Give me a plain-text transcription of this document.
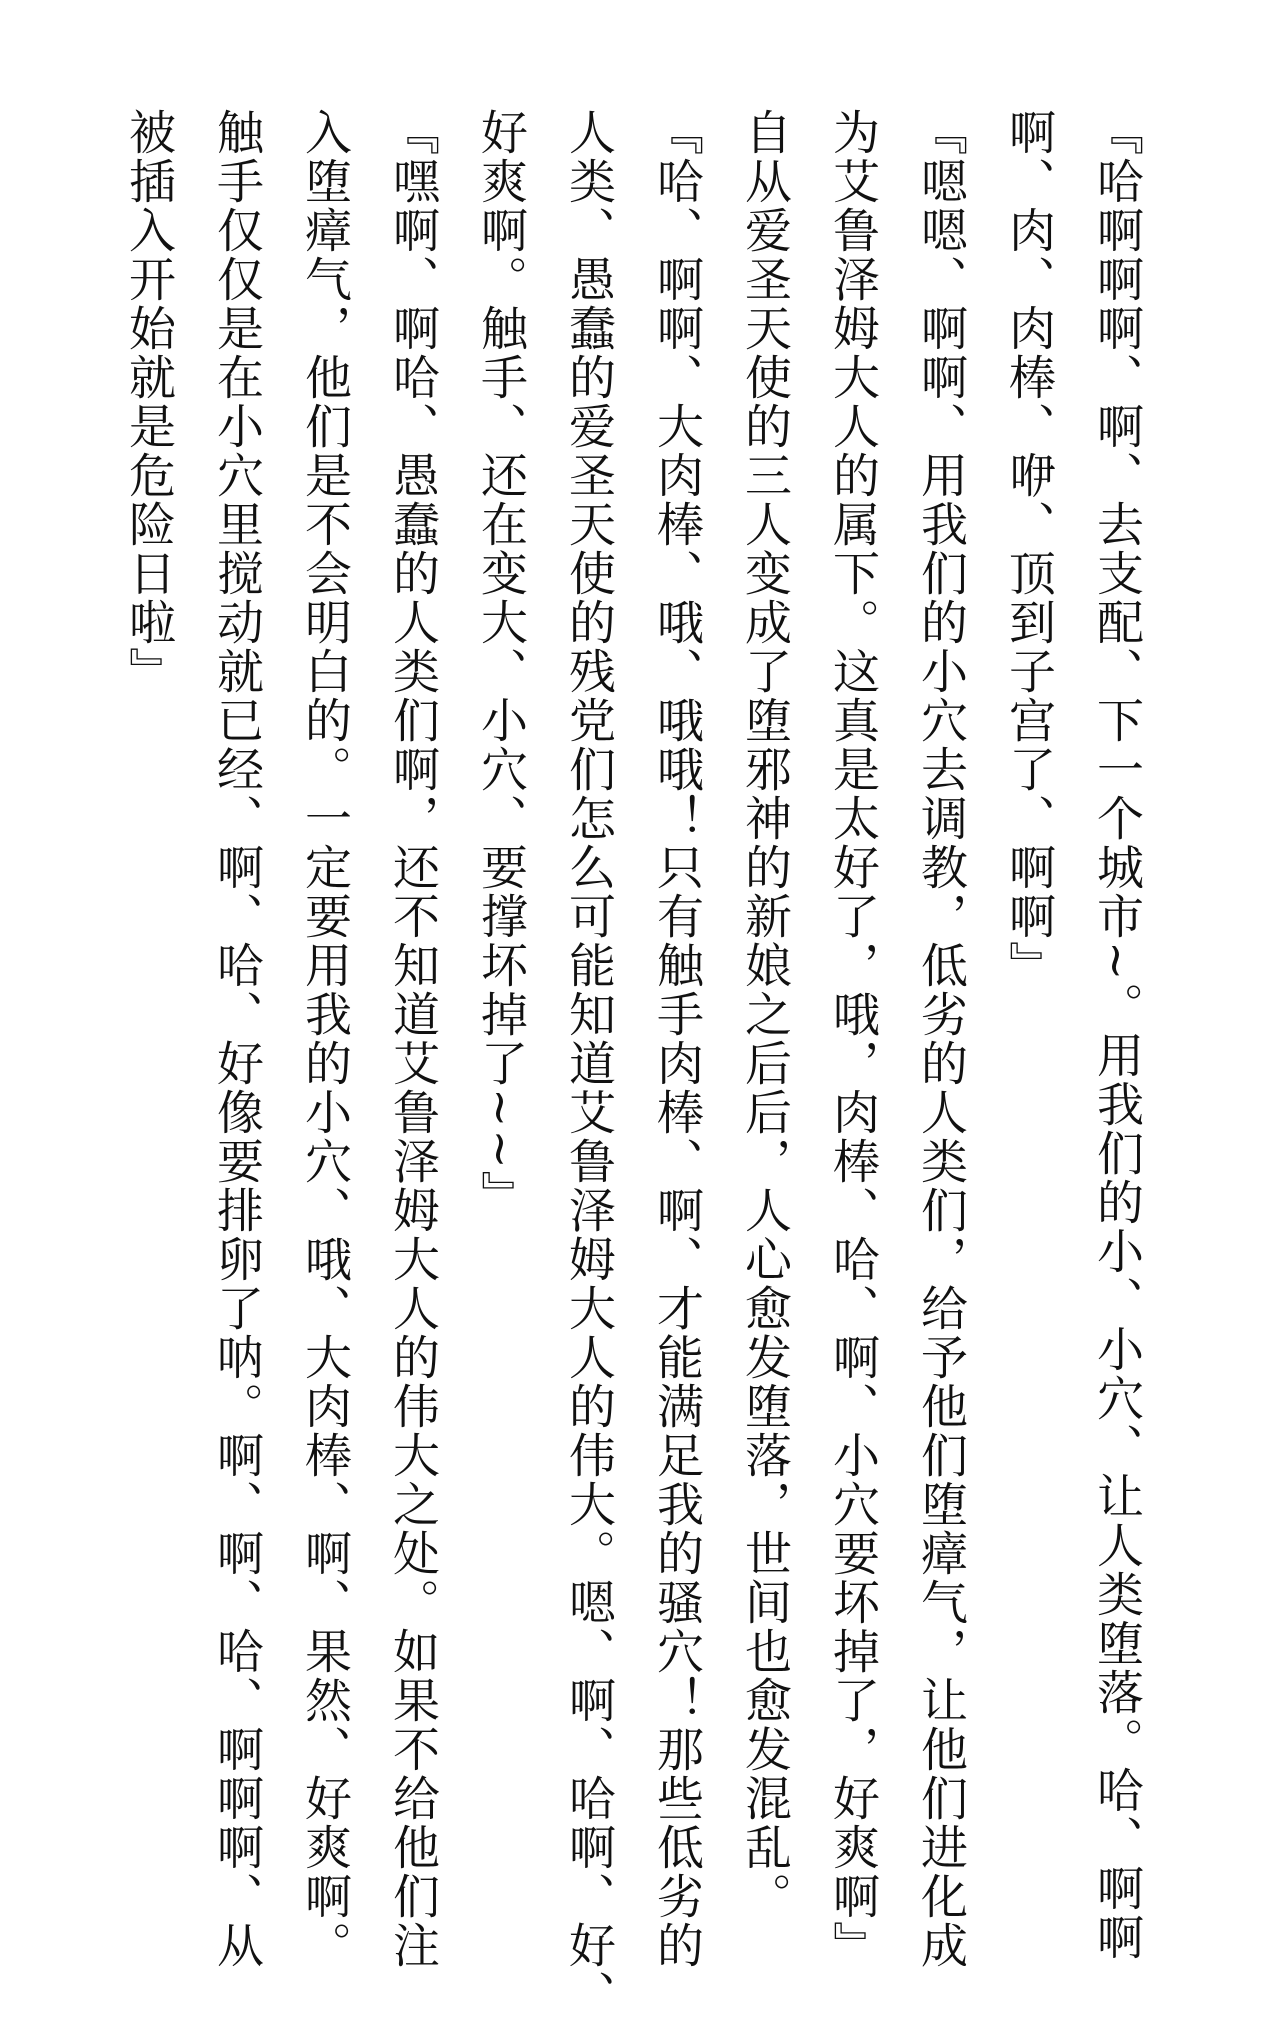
『哈啊啊啊、啊、去支配、下一个城市~。用我们的小、小穴、让人类堕落。哈、啊啊

啊、肉、肉棒、咿、顶到子宫了、啊啊』

『嗯嗯、啊啊、用我们的小穴去调教，低劣的人类们，给予他们堕瘴气，让他们进化成

为艾鲁泽姆大人的属下。这真是太好了，哦，肉棒、哈、啊、小穴要坏掉了，好爽啊』

自从爱圣天使的三人变成了堕邪神的新娘之后后，人心愈发堕落，世间也愈发混乱。

『哈、啊啊、大肉棒、哦、哦哦！只有触手肉棒、啊、才能满足我的骚穴！那些低劣的

人类、愚蠢的爱圣天使的残党们怎么可能知道艾鲁泽姆大人的伟大。嗯、啊、哈啊、好、

好爽啊。触手、还在变大、小穴、要撑坏掉了~~』

『嘿啊、啊哈、愚蠢的人类们啊，还不知道艾鲁泽姆大人的伟大之处。如果不给他们注

入堕瘴气，他们是不会明白的。一定要用我的小穴、哦、大肉棒、啊、果然、好爽啊。

触手仅仅是在小穴里搅动就已经、啊、哈、好像要排卵了呐。啊、啊、哈、啊啊啊、从

被插入开始就是危险日啦』
